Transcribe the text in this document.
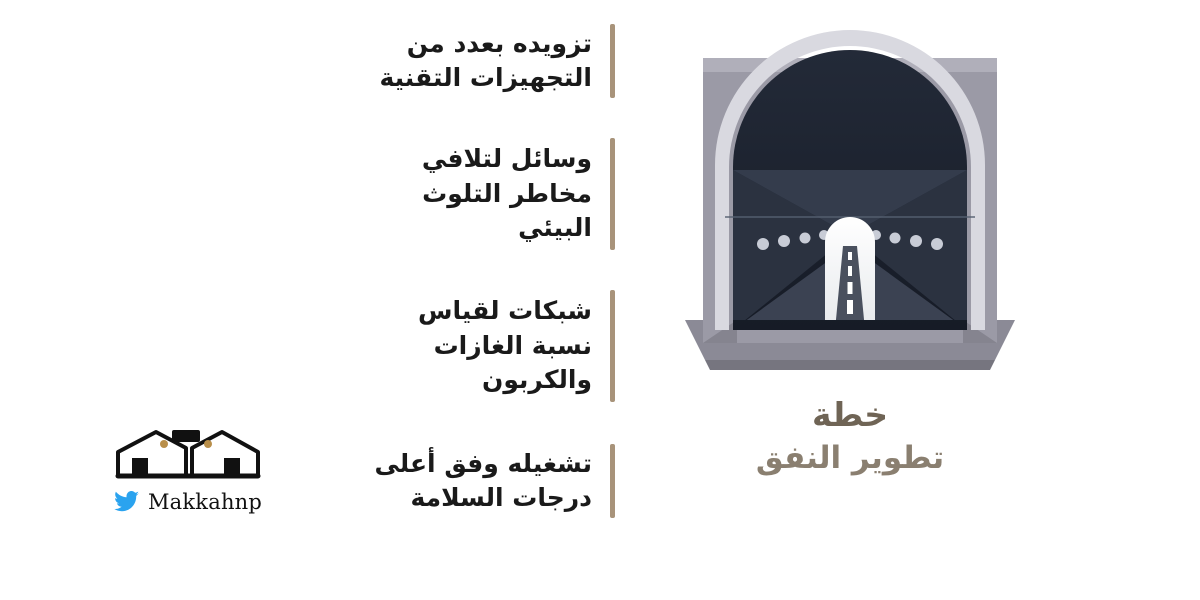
خطة
تطوير النفق
تزويده بعدد من التجهيزات التقنية
وسائل لتلافي مخاطر التلوث البيئي
شبكات لقياس نسبة الغازات والكربون
تشغيله وفق أعلى درجات السلامة
Makkahnp
